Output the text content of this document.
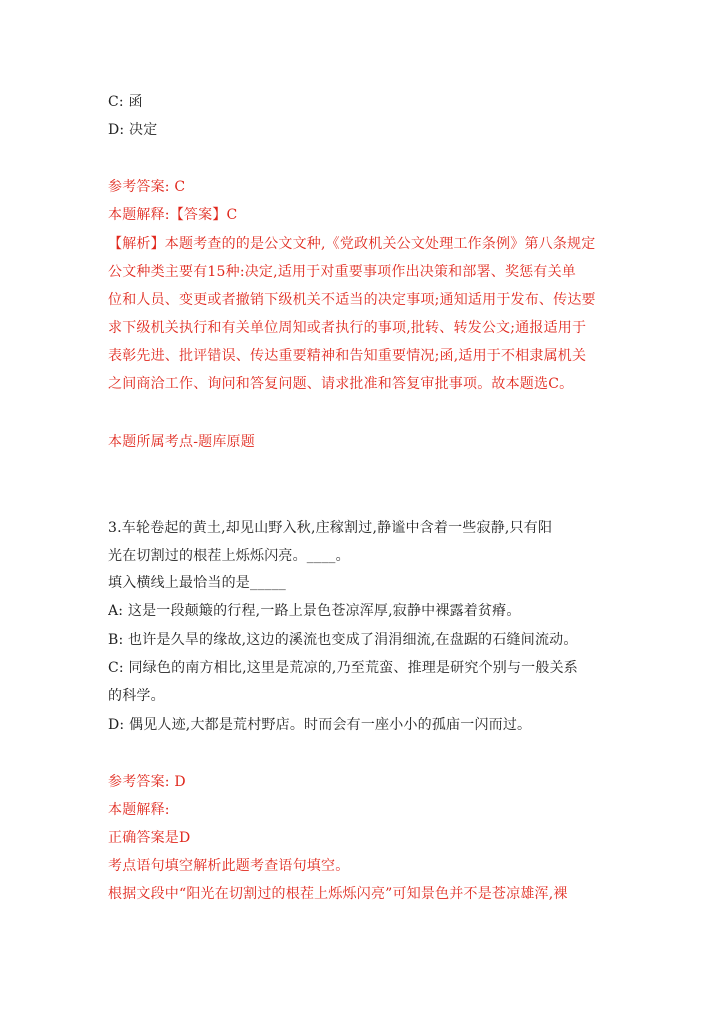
C: 函
D: 决定
参考答案: C
本题解释:【答案】C
【解析】本题考查的的是公文文种,《党政机关公文处理工作条例》第八条规定
公文种类主要有15种:决定,适用于对重要事项作出决策和部署、奖惩有关单
位和人员、变更或者撤销下级机关不适当的决定事项;通知适用于发布、传达要
求下级机关执行和有关单位周知或者执行的事项,批转、转发公文;通报适用于
表彰先进、批评错误、传达重要精神和告知重要情况;函,适用于不相隶属机关
之间商洽工作、询问和答复问题、请求批准和答复审批事项。故本题选C。
本题所属考点-题库原题
3.车轮卷起的黄土,却见山野入秋,庄稼割过,静谧中含着一些寂静,只有阳
光在切割过的根茬上烁烁闪亮。____。
填入横线上最恰当的是_____
A: 这是一段颠簸的行程,一路上景色苍凉浑厚,寂静中裸露着贫瘠。
B: 也许是久旱的缘故,这边的溪流也变成了涓涓细流,在盘踞的石缝间流动。
C: 同绿色的南方相比,这里是荒凉的,乃至荒蛮、推理是研究个别与一般关系
的科学。
D: 偶见人迹,大都是荒村野店。时而会有一座小小的孤庙一闪而过。
参考答案: D
本题解释:
正确答案是D
考点语句填空解析此题考查语句填空。
根据文段中“阳光在切割过的根茬上烁烁闪亮”可知景色并不是苍凉雄浑,裸
